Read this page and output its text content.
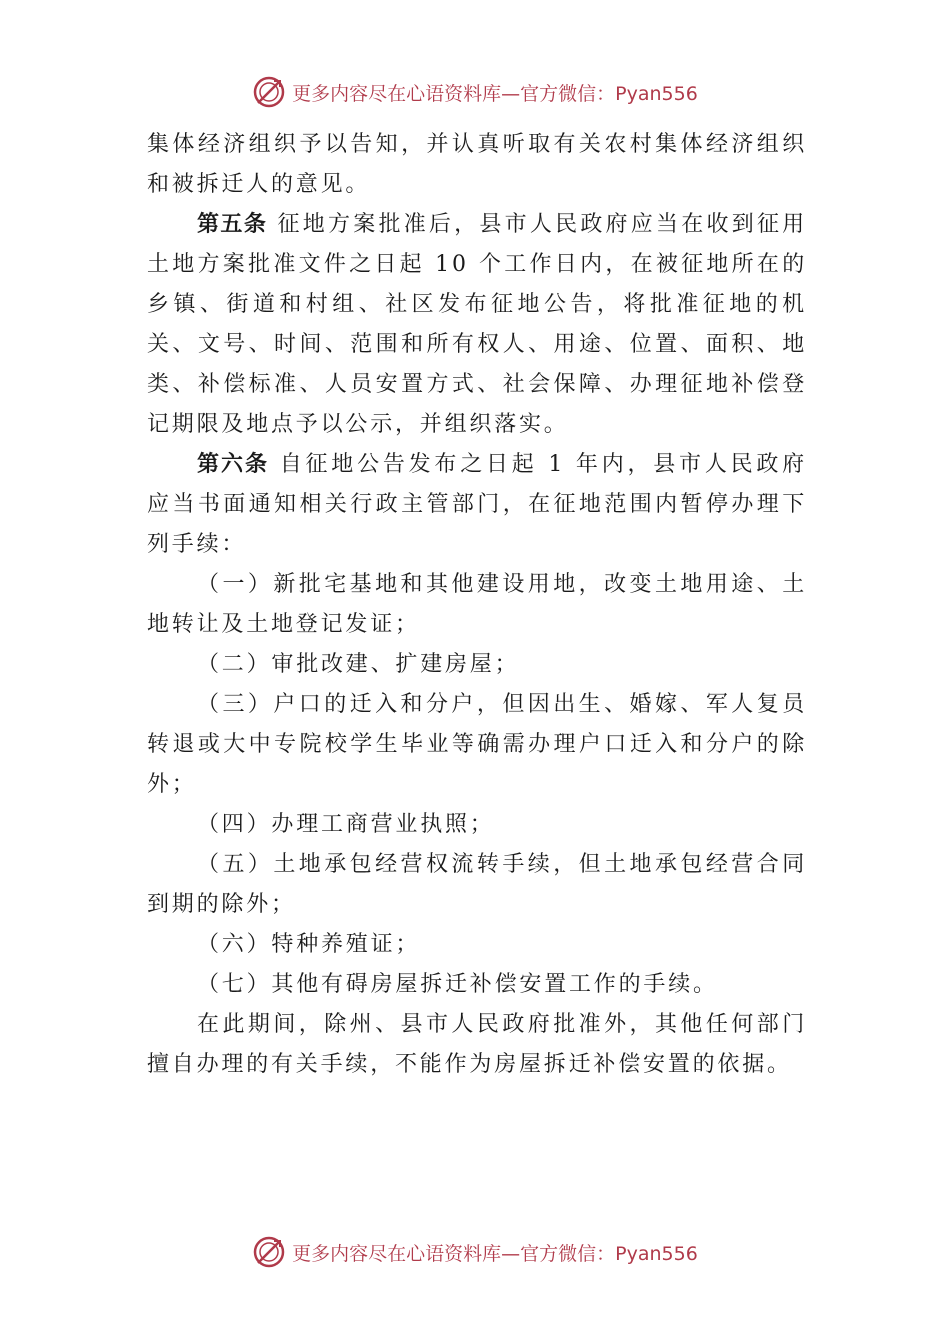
更多内容尽在心语资料库—官方微信：Pyan556

集体经济组织予以告知，并认真听取有关农村集体经济组织和被拆迁人的意见。

第五条 征地方案批准后，县市人民政府应当在收到征用土地方案批准文件之日起 10 个工作日内，在被征地所在的乡镇、街道和村组、社区发布征地公告，将批准征地的机关、文号、时间、范围和所有权人、用途、位置、面积、地类、补偿标准、人员安置方式、社会保障、办理征地补偿登 记期限及地点予以公示，并组织落实。

第六条 自征地公告发布之日起 1 年内，县市人民政府应当书面通知相关行政主管部门，在征地范围内暂停办理下列手续：

（一）新批宅基地和其他建设用地，改变土地用途、土地转让及土地登记发证；

（二）审批改建、扩建房屋；

（三）户口的迁入和分户，但因出生、婚嫁、军人复员转退或大中专院校学生毕业等确需办理户口迁入和分户的除外；

（四）办理工商营业执照；

（五）土地承包经营权流转手续，但土地承包经营合同到期的除外；

（六）特种养殖证；

（七）其他有碍房屋拆迁补偿安置工作的手续。

在此期间，除州、县市人民政府批准外，其他任何部门擅自办理的有关手续，不能作为房屋拆迁补偿安置的依据。

更多内容尽在心语资料库—官方微信：Pyan556
